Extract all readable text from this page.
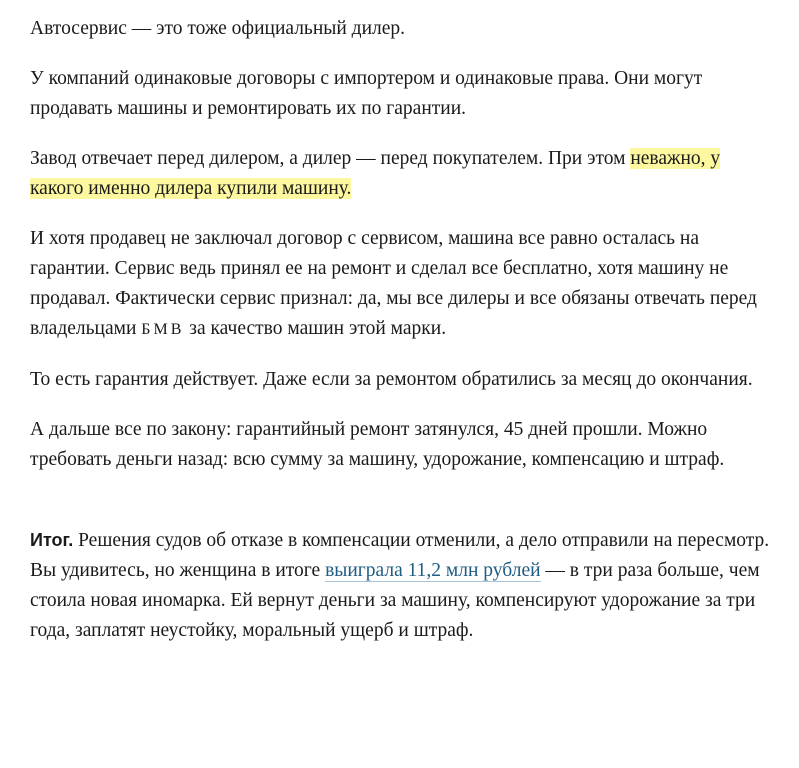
Автосервис — это тоже официальный дилер.

У компаний одинаковые договоры с импортером и одинаковые права. Они могут продавать машины и ремонтировать их по гарантии.

Завод отвечает перед дилером, а дилер — перед покупателем. При этом неважно, у какого именно дилера купили машину.

И хотя продавец не заключал договор с сервисом, машина все равно осталась на гарантии. Сервис ведь принял ее на ремонт и сделал все бесплатно, хотя машину не продавал. Фактически сервис признал: да, мы все дилеры и все обязаны отвечать перед владельцами БМВ за качество машин этой марки.

То есть гарантия действует. Даже если за ремонтом обратились за месяц до окончания.

А дальше все по закону: гарантийный ремонт затянулся, 45 дней прошли. Можно требовать деньги назад: всю сумму за машину, удорожание, компенсацию и штраф.

Итог. Решения судов об отказе в компенсации отменили, а дело отправили на пересмотр. Вы удивитесь, но женщина в итоге выиграла 11,2 млн рублей — в три раза больше, чем стоила новая иномарка. Ей вернут деньги за машину, компенсируют удорожание за три года, заплатят неустойку, моральный ущерб и штраф.
